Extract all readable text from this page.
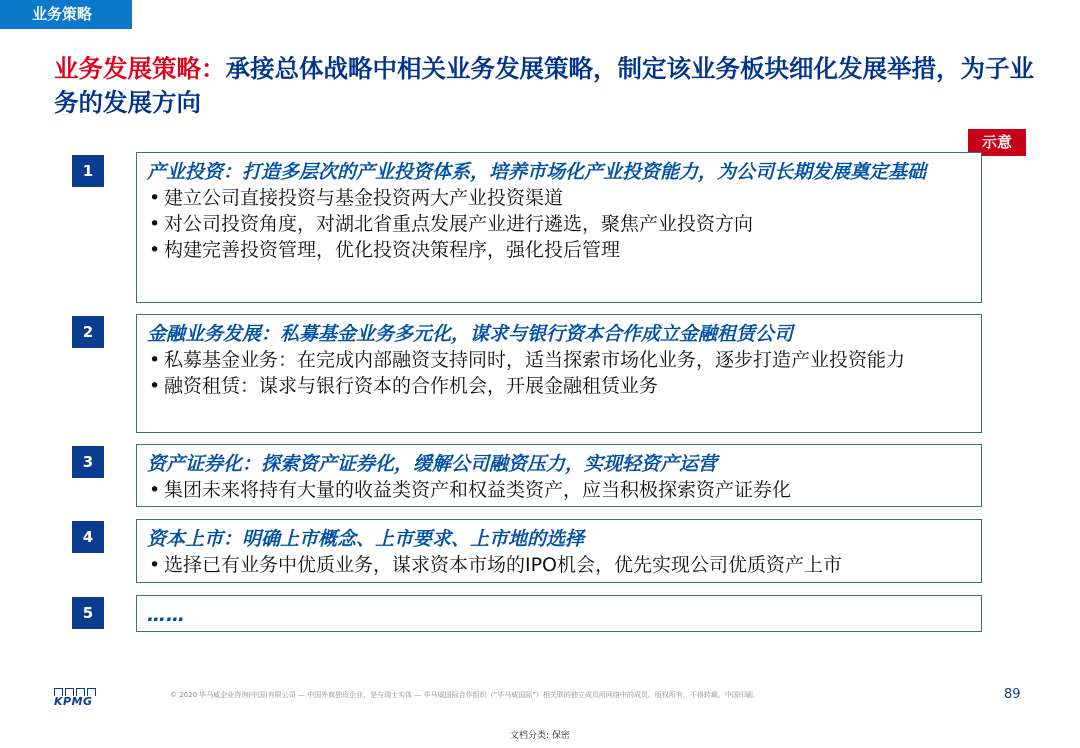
业务策略
业务发展策略：承接总体战略中相关业务发展策略，制定该业务板块细化发展举措，为子业务的发展方向
示意
1	产业投资：打造多层次的产业投资体系，培养市场化产业投资能力，为公司长期发展奠定基础
• 建立公司直接投资与基金投资两大产业投资渠道
• 对公司投资角度，对湖北省重点发展产业进行遴选，聚焦产业投资方向
• 构建完善投资管理，优化投资决策程序，强化投后管理
2	金融业务发展：私募基金业务多元化，谋求与银行资本合作成立金融租赁公司
• 私募基金业务：在完成内部融资支持同时，适当探索市场化业务，逐步打造产业投资能力
• 融资租赁：谋求与银行资本的合作机会，开展金融租赁业务
3	资产证券化：探索资产证券化，缓解公司融资压力，实现轻资产运营
• 集团未来将持有大量的收益类资产和权益类资产，应当积极探索资产证券化
4	资本上市：明确上市概念、上市要求、上市地的选择
• 选择已有业务中优质业务，谋求资本市场的IPO机会，优先实现公司优质资产上市
5	……
KPMG	© 2020 毕马威企业咨询(中国)有限公司 — 中国外商独资企业，是与瑞士实体 — 毕马威国际合作组织（“毕马威国际”）相关联的独立成员所网络中的成员。版权所有，不得转载。中国印刷。	89
文档分类: 保密
